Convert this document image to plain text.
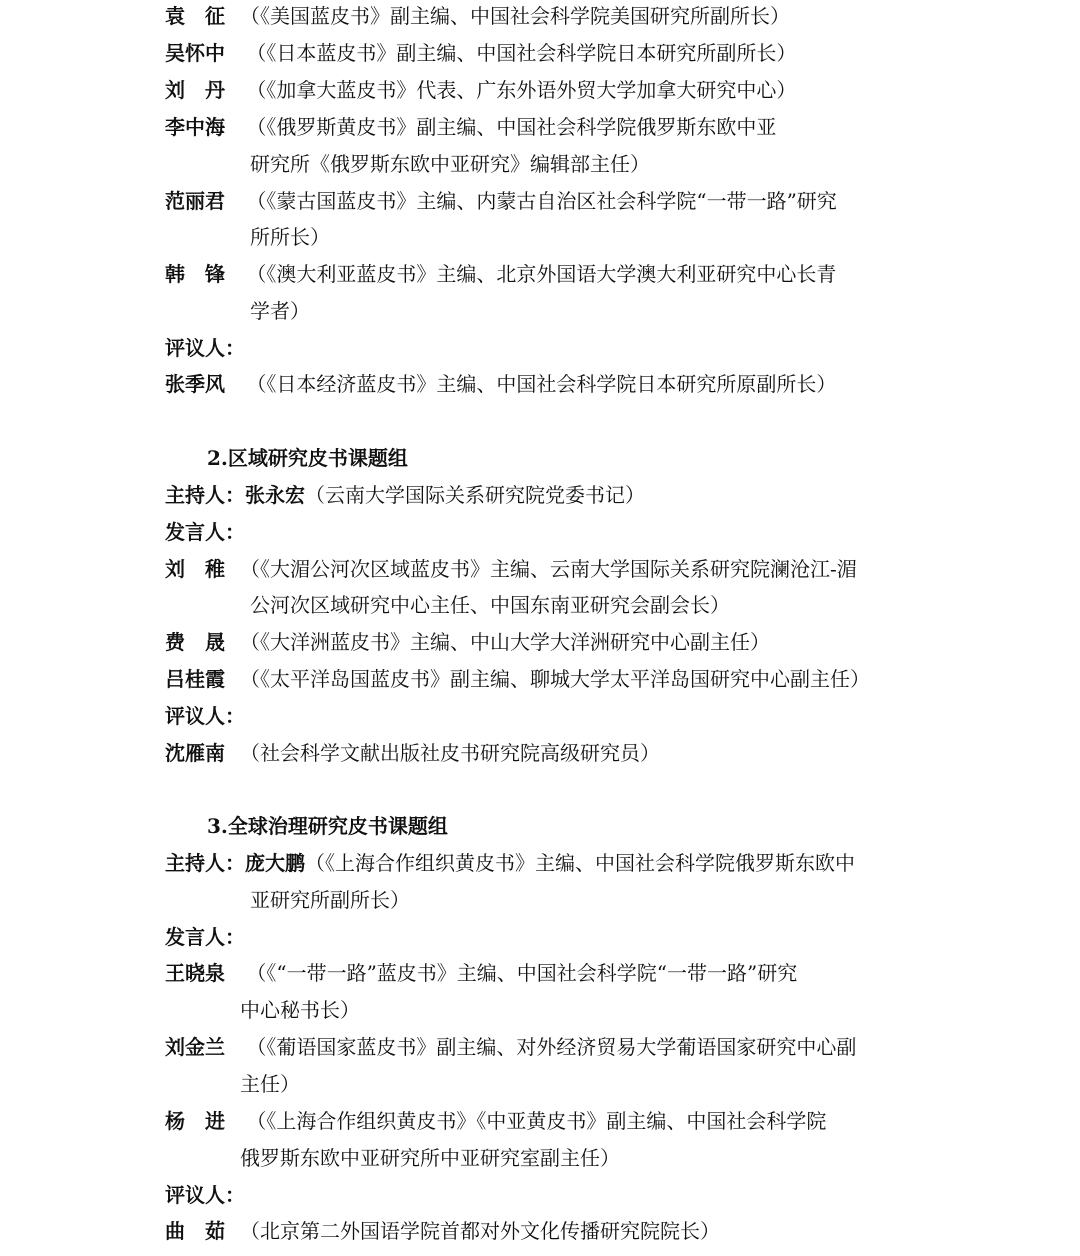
袁　征 （《美国蓝皮书》副主编、中国社会科学院美国研究所副所长）
吴怀中 （《日本蓝皮书》副主编、中国社会科学院日本研究所副所长）
刘　丹 （《加拿大蓝皮书》代表、广东外语外贸大学加拿大研究中心）
李中海 （《俄罗斯黄皮书》副主编、中国社会科学院俄罗斯东欧中亚
研究所《俄罗斯东欧中亚研究》编辑部主任）
范丽君 （《蒙古国蓝皮书》主编、内蒙古自治区社会科学院“一带一路”研究
所所长）
韩　锋 （《澳大利亚蓝皮书》主编、北京外国语大学澳大利亚研究中心长青
学者）
评议人：
张季风 （《日本经济蓝皮书》主编、中国社会科学院日本研究所原副所长）
2.区域研究皮书课题组
主持人：张永宏（云南大学国际关系研究院党委书记）
发言人：
刘　稚 （《大湄公河次区域蓝皮书》主编、云南大学国际关系研究院澜沧江-湄
公河次区域研究中心主任、中国东南亚研究会副会长）
费　晟 （《大洋洲蓝皮书》主编、中山大学大洋洲研究中心副主任）
吕桂霞 （《太平洋岛国蓝皮书》副主编、聊城大学太平洋岛国研究中心副主任）
评议人：
沈雁南 （社会科学文献出版社皮书研究院高级研究员）
3.全球治理研究皮书课题组
主持人：庞大鹏（《上海合作组织黄皮书》主编、中国社会科学院俄罗斯东欧中
亚研究所副所长）
发言人：
王晓泉 （《“一带一路”蓝皮书》主编、中国社会科学院“一带一路”研究
中心秘书长）
刘金兰 （《葡语国家蓝皮书》副主编、对外经济贸易大学葡语国家研究中心副
主任）
杨　进 （《上海合作组织黄皮书》《中亚黄皮书》副主编、中国社会科学院
俄罗斯东欧中亚研究所中亚研究室副主任）
评议人：
曲　茹 （北京第二外国语学院首都对外文化传播研究院院长）
